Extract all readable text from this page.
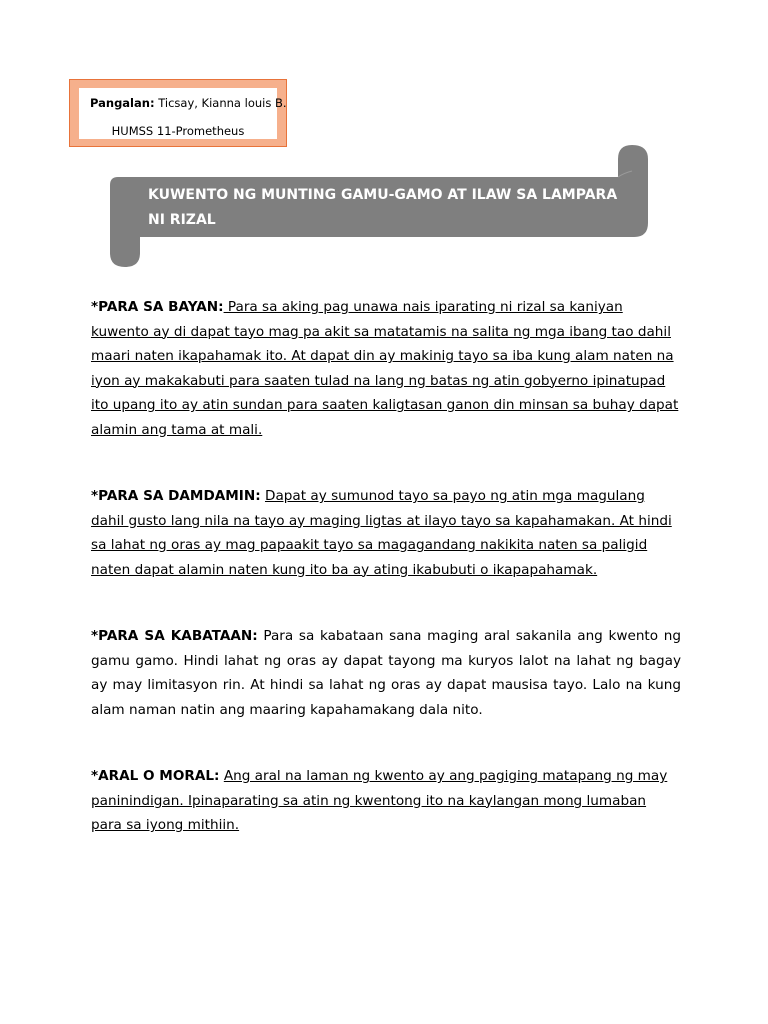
Pangalan: Ticsay, Kianna louis B.
HUMSS 11-Prometheus
KUWENTO NG MUNTING GAMU-GAMO AT ILAW SA LAMPARA NI RIZAL
*PARA SA BAYAN: Para sa aking pag unawa nais iparating ni rizal sa kaniyan kuwento ay di dapat tayo mag pa akit sa matatamis na salita ng mga ibang tao dahil maari naten ikapahamak ito. At dapat din ay makinig tayo sa iba kung alam naten na iyon ay makakabuti para saaten tulad na lang ng batas ng atin gobyerno ipinatupad ito upang ito ay atin sundan para saaten kaligtasan ganon din minsan sa buhay dapat alamin ang tama at mali.
*PARA SA DAMDAMIN: Dapat ay sumunod tayo sa payo ng atin mga magulang dahil gusto lang nila na tayo ay maging ligtas at ilayo tayo sa kapahamakan. At hindi sa lahat ng oras ay mag papaakit tayo sa magagandang nakikita naten sa paligid naten dapat alamin naten kung ito ba ay ating ikabubuti o ikapapahamak.
*PARA SA KABATAAN: Para sa kabataan sana maging aral sakanila ang kwento ng gamu gamo. Hindi lahat ng oras ay dapat tayong ma kuryos lalot na lahat ng bagay ay may limitasyon rin. At hindi sa lahat ng oras ay dapat mausisa tayo. Lalo na kung alam naman natin ang maaring kapahamakang dala nito.
*ARAL O MORAL: Ang aral na laman ng kwento ay ang pagiging matapang ng may paninindigan. Ipinaparating sa atin ng kwentong ito na kaylangan mong lumaban para sa iyong mithiin.
